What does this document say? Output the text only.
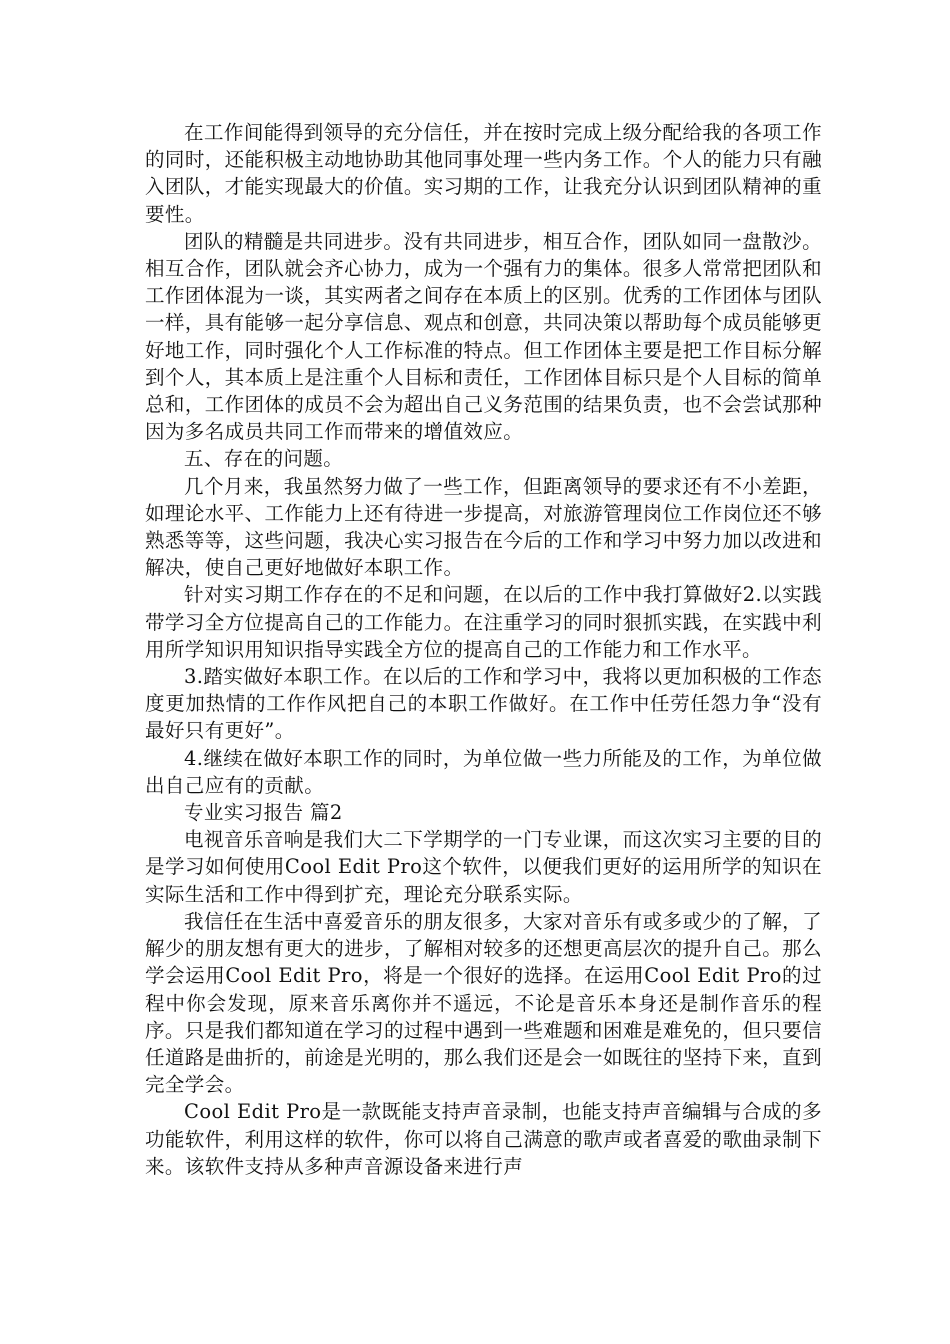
在工作间能得到领导的充分信任，并在按时完成上级分配给我的各项工作的同时，还能积极主动地协助其他同事处理一些内务工作。个人的能力只有融入团队，才能实现最大的价值。实习期的工作，让我充分认识到团队精神的重要性。

团队的精髓是共同进步。没有共同进步，相互合作，团队如同一盘散沙。相互合作，团队就会齐心协力，成为一个强有力的集体。很多人常常把团队和工作团体混为一谈，其实两者之间存在本质上的区别。优秀的工作团体与团队一样，具有能够一起分享信息、观点和创意，共同决策以帮助每个成员能够更好地工作，同时强化个人工作标准的特点。但工作团体主要是把工作目标分解到个人，其本质上是注重个人目标和责任，工作团体目标只是个人目标的简单总和，工作团体的成员不会为超出自己义务范围的结果负责，也不会尝试那种因为多名成员共同工作而带来的增值效应。

五、存在的问题。

几个月来，我虽然努力做了一些工作，但距离领导的要求还有不小差距，如理论水平、工作能力上还有待进一步提高，对旅游管理岗位工作岗位还不够熟悉等等，这些问题，我决心实习报告在今后的工作和学习中努力加以改进和解决，使自己更好地做好本职工作。

针对实习期工作存在的不足和问题，在以后的工作中我打算做好2.以实践带学习全方位提高自己的工作能力。在注重学习的同时狠抓实践，在实践中利用所学知识用知识指导实践全方位的提高自己的工作能力和工作水平。

3.踏实做好本职工作。在以后的工作和学习中，我将以更加积极的工作态度更加热情的工作作风把自己的本职工作做好。在工作中任劳任怨力争“没有最好只有更好”。

4.继续在做好本职工作的同时，为单位做一些力所能及的工作，为单位做出自己应有的贡献。

专业实习报告 篇2

电视音乐音响是我们大二下学期学的一门专业课，而这次实习主要的目的是学习如何使用Cool Edit Pro这个软件，以便我们更好的运用所学的知识在实际生活和工作中得到扩充，理论充分联系实际。

我信任在生活中喜爱音乐的朋友很多，大家对音乐有或多或少的了解，了解少的朋友想有更大的进步，了解相对较多的还想更高层次的提升自己。那么学会运用Cool Edit Pro，将是一个很好的选择。在运用Cool Edit Pro的过程中你会发现，原来音乐离你并不遥远，不论是音乐本身还是制作音乐的程序。只是我们都知道在学习的过程中遇到一些难题和困难是难免的，但只要信任道路是曲折的，前途是光明的，那么我们还是会一如既往的坚持下来，直到完全学会。

Cool Edit Pro是一款既能支持声音录制，也能支持声音编辑与合成的多功能软件，利用这样的软件，你可以将自己满意的歌声或者喜爱的歌曲录制下来。该软件支持从多种声音源设备来进行声
